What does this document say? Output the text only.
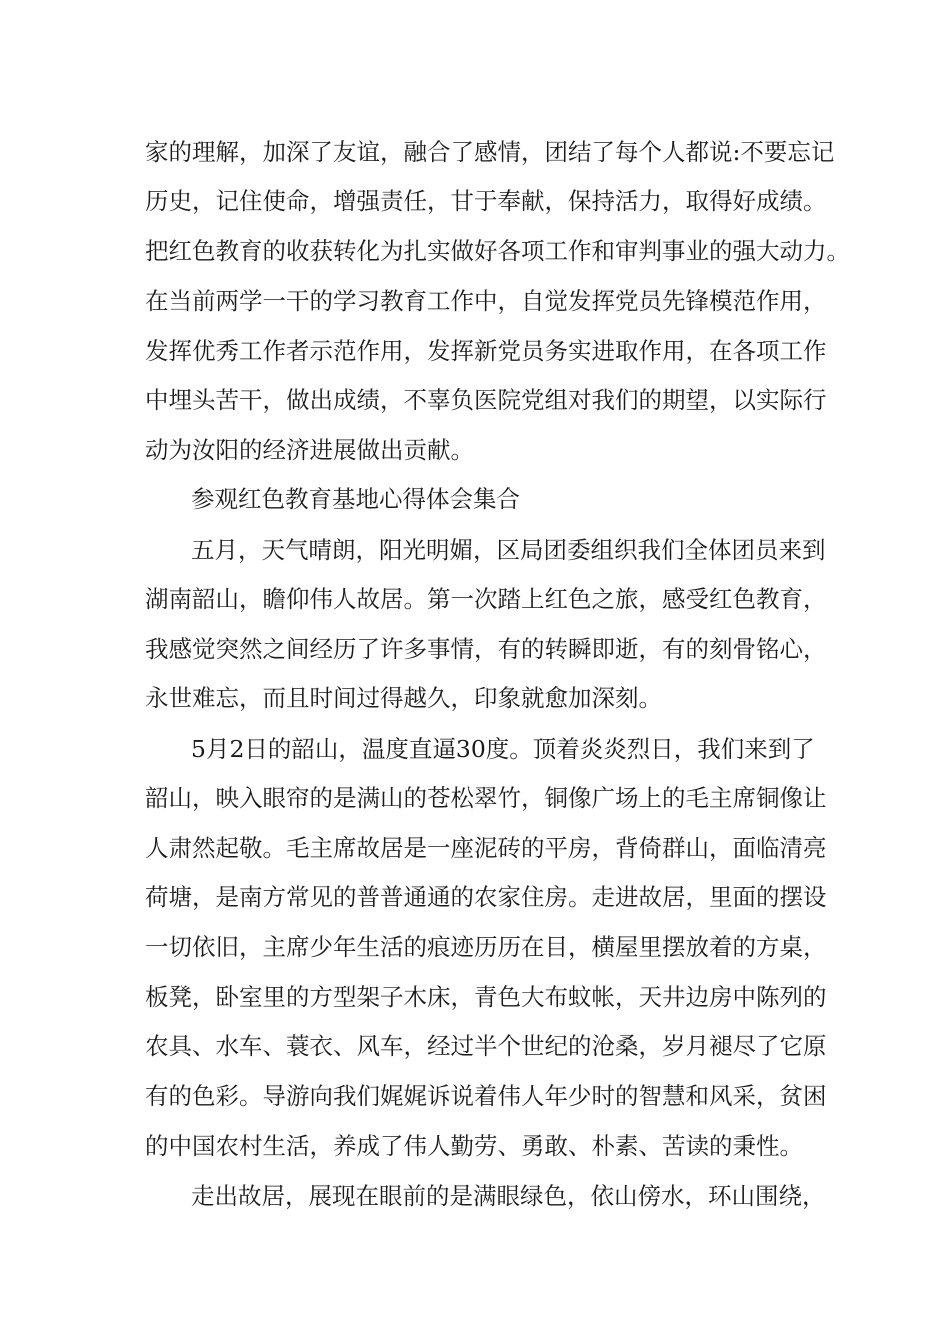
家的理解，加深了友谊，融合了感情，团结了每个人都说:不要忘记
历史，记住使命，增强责任，甘于奉献，保持活力，取得好成绩。
把红色教育的收获转化为扎实做好各项工作和审判事业的强大动力。
在当前两学一干的学习教育工作中，自觉发挥党员先锋模范作用，
发挥优秀工作者示范作用，发挥新党员务实进取作用，在各项工作
中埋头苦干，做出成绩，不辜负医院党组对我们的期望，以实际行
动为汝阳的经济进展做出贡献。
参观红色教育基地心得体会集合
五月，天气晴朗，阳光明媚，区局团委组织我们全体团员来到
湖南韶山，瞻仰伟人故居。第一次踏上红色之旅，感受红色教育，
我感觉突然之间经历了许多事情，有的转瞬即逝，有的刻骨铭心，
永世难忘，而且时间过得越久，印象就愈加深刻。
5月2日的韶山，温度直逼30度。顶着炎炎烈日，我们来到了
韶山，映入眼帘的是满山的苍松翠竹，铜像广场上的毛主席铜像让
人肃然起敬。毛主席故居是一座泥砖的平房，背倚群山，面临清亮
荷塘，是南方常见的普普通通的农家住房。走进故居，里面的摆设
一切依旧，主席少年生活的痕迹历历在目，横屋里摆放着的方桌，
板凳，卧室里的方型架子木床，青色大布蚊帐，天井边房中陈列的
农具、水车、蓑衣、风车，经过半个世纪的沧桑，岁月褪尽了它原
有的色彩。导游向我们娓娓诉说着伟人年少时的智慧和风采，贫困
的中国农村生活，养成了伟人勤劳、勇敢、朴素、苦读的秉性。
走出故居，展现在眼前的是满眼绿色，依山傍水，环山围绕，
